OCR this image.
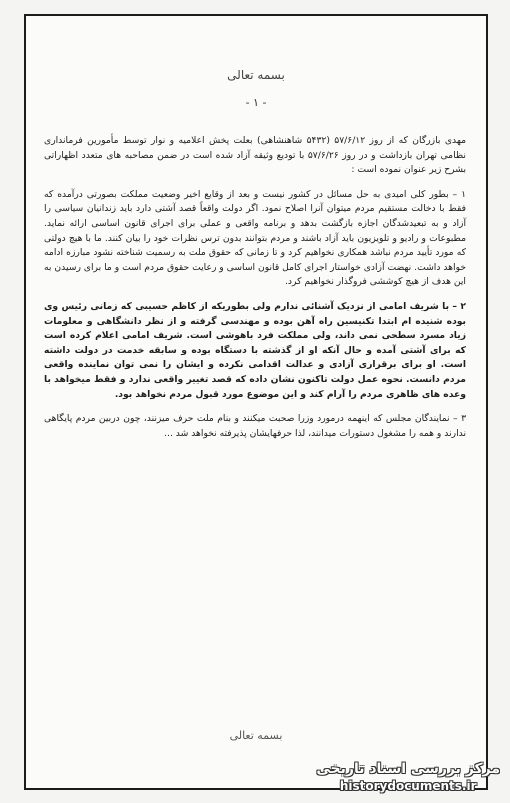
بسمه تعالی
- ۱ -

مهدی بازرگان که از روز ۵۷/۶/۱۲ (۵۴۳۲ شاهنشاهی) بعلت پخش اعلامیه و نوار توسط مأمورین فرمانداری نظامی تهران بازداشت و در روز ۵۷/۶/۲۶ با تودیع وثیقه آزاد شده است در ضمن مصاحبه های متعدد اظهاراتی بشرح زیر عنوان نموده است :

۱ – بطور کلی امیدی به حل مسائل در کشور نیست و بعد از وقایع اخیر وضعیت مملکت بصورتی درآمده که فقط با دخالت مستقیم مردم میتوان آنرا اصلاح نمود. اگر دولت واقعاً قصد آشتی دارد باید زندانیان سیاسی را آزاد و به تبعیدشدگان اجازه بازگشت بدهد و برنامه واقعی و عملی برای اجرای قانون اساسی ارائه نماید. مطبوعات و رادیو و تلویزیون باید آزاد باشند و مردم بتوانند بدون ترس نظرات خود را بیان کنند. ما با هیچ دولتی که مورد تأیید مردم نباشد همکاری نخواهیم کرد و تا زمانی که حقوق ملت به رسمیت شناخته نشود مبارزه ادامه خواهد داشت. نهضت آزادی خواستار اجرای کامل قانون اساسی و رعایت حقوق مردم است و ما برای رسیدن به این هدف از هیچ کوششی فروگذار نخواهیم کرد.

۲ – با شریف امامی از نزدیک آشنائی ندارم ولی بطوریکه از کاظم حسیبی که زمانی رئیس وی بوده شنیده ام ابتدا تکنیسین راه آهن بوده و مهندسی گرفته و از نظر دانشگاهی و معلومات زیاد مسرد سطحی نمی داند، ولی مملکت فرد باهوشی است. شریف امامی اعلام کرده است که برای آشتی آمده و حال آنکه او از گذشته با دستگاه بوده و سابقه خدمت در دولت داشته است. او برای برقراری آزادی و عدالت اقدامی نکرده و ایشان را نمی توان نماینده واقعی مردم دانست. نحوه عمل دولت تاکنون نشان داده که قصد تغییر واقعی ندارد و فقط میخواهد با وعده های ظاهری مردم را آرام کند و این موضوع مورد قبول مردم نخواهد بود.

۳ – نمایندگان مجلس که اینهمه درمورد وزرا صحبت میکنند و بنام ملت حرف میزنند، چون دربین مردم پایگاهی ندارند و همه را مشغول دستورات میدانند، لذا حرفهایشان پذیرفته نخواهد شد ...

بسمه تعالی
مرکز بررسی اسناد تاریخی
historydocuments.ir
